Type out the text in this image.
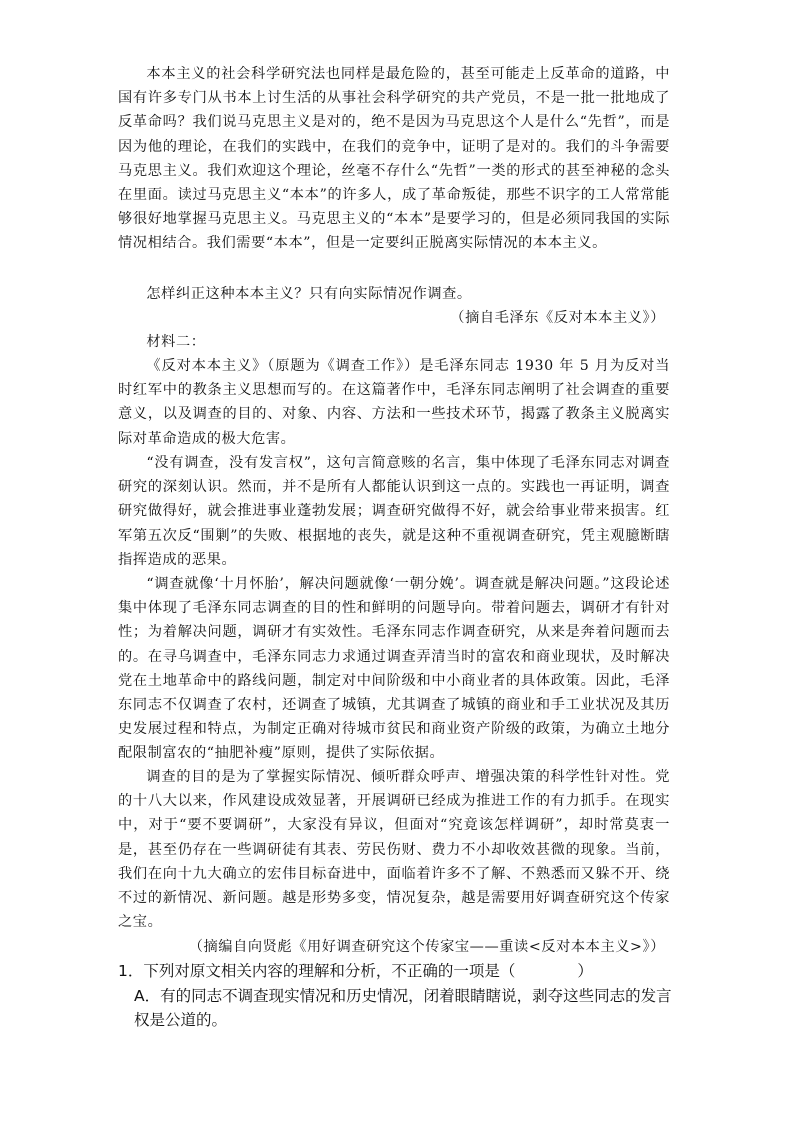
本本主义的社会科学研究法也同样是最危险的，甚至可能走上反革命的道路，中国有许多专门从书本上讨生活的从事社会科学研究的共产党员，不是一批一批地成了反革命吗？我们说马克思主义是对的，绝不是因为马克思这个人是什么“先哲”，而是因为他的理论，在我们的实践中，在我们的竞争中，证明了是对的。我们的斗争需要马克思主义。我们欢迎这个理论，丝毫不存什么“先哲”一类的形式的甚至神秘的念头在里面。读过马克思主义“本本”的许多人，成了革命叛徒，那些不识字的工人常常能够很好地掌握马克思主义。马克思主义的“本本”是要学习的，但是必须同我国的实际情况相结合。我们需要“本本”，但是一定要纠正脱离实际情况的本本主义。
怎样纠正这种本本主义？只有向实际情况作调查。
（摘自毛泽东《反对本本主义》）
材料二：
《反对本本主义》（原题为《调查工作》）是毛泽东同志 1930 年 5 月为反对当时红军中的教条主义思想而写的。在这篇著作中，毛泽东同志阐明了社会调查的重要意义，以及调查的目的、对象、内容、方法和一些技术环节，揭露了教条主义脱离实际对革命造成的极大危害。
“没有调查，没有发言权”，这句言简意赅的名言，集中体现了毛泽东同志对调查研究的深刻认识。然而，并不是所有人都能认识到这一点的。实践也一再证明，调查研究做得好，就会推进事业蓬勃发展；调查研究做得不好，就会给事业带来损害。红军第五次反“围剿”的失败、根据地的丧失，就是这种不重视调查研究，凭主观臆断瞎指挥造成的恶果。
“调查就像‘十月怀胎’，解决问题就像‘一朝分娩’。调查就是解决问题。”这段论述集中体现了毛泽东同志调查的目的性和鲜明的问题导向。带着问题去，调研才有针对性；为着解决问题，调研才有实效性。毛泽东同志作调查研究，从来是奔着问题而去的。在寻乌调查中，毛泽东同志力求通过调查弄清当时的富农和商业现状，及时解决党在土地革命中的路线问题，制定对中间阶级和中小商业者的具体政策。因此，毛泽东同志不仅调查了农村，还调查了城镇，尤其调查了城镇的商业和手工业状况及其历史发展过程和特点，为制定正确对待城市贫民和商业资产阶级的政策，为确立土地分配限制富农的“抽肥补瘦”原则，提供了实际依据。
调查的目的是为了掌握实际情况、倾听群众呼声、增强决策的科学性针对性。党的十八大以来，作风建设成效显著，开展调研已经成为推进工作的有力抓手。在现实中，对于“要不要调研”，大家没有异议，但面对“究竟该怎样调研”，却时常莫衷一是，甚至仍存在一些调研徒有其表、劳民伤财、费力不小却收效甚微的现象。当前，我们在向十九大确立的宏伟目标奋进中，面临着许多不了解、不熟悉而又躲不开、绕不过的新情况、新问题。越是形势多变，情况复杂，越是需要用好调查研究这个传家之宝。
（摘编自向贤彪《用好调查研究这个传家宝——重读<反对本本主义>》）
1．下列对原文相关内容的理解和分析，不正确的一项是（　　　　）
A．有的同志不调查现实情况和历史情况，闭着眼睛瞎说，剥夺这些同志的发言权是公道的。
